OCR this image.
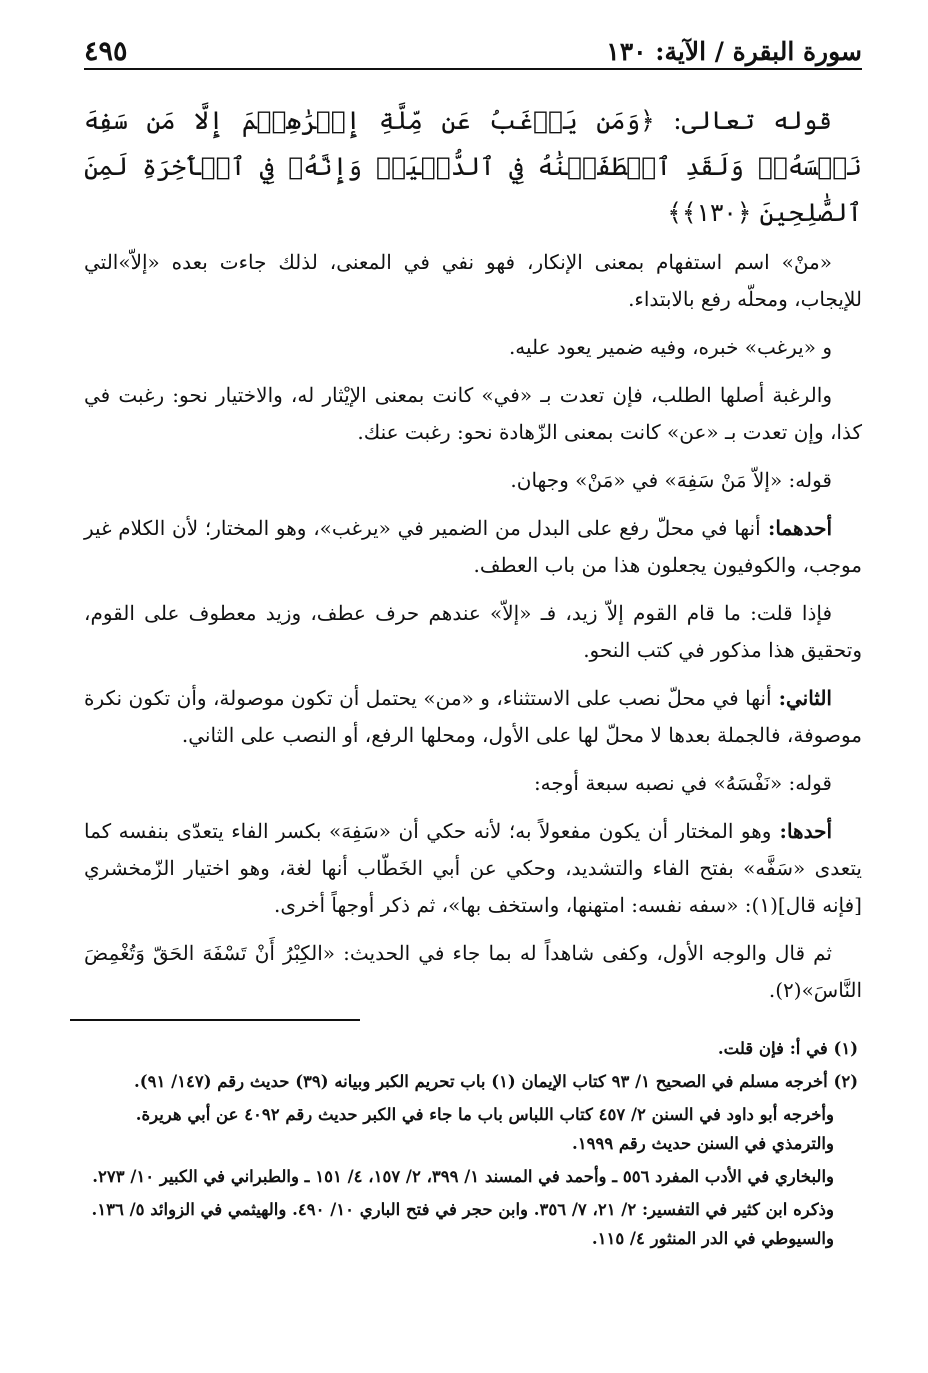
سورة البقرة / الآية: ١٣٠
٤٩٥

قوله تعالى: ﴿وَمَن يَرۡغَبُ عَن مِّلَّةِ إِبۡرَٰهِـۧمَ إِلَّا مَن سَفِهَ نَفۡسَهُۥۚ وَلَقَدِ ٱصۡطَفَيۡنَٰهُ فِي ٱلدُّنۡيَاۖ وَإِنَّهُۥ فِي ٱلۡأٓخِرَةِ لَمِنَ ٱلصَّٰلِحِينَ ﴿١٣٠﴾﴾

«منْ» اسم استفهام بمعنى الإنكار، فهو نفي في المعنى، لذلك جاءت بعده «إلاّ»التي للإيجاب، ومحلّه رفع بالابتداء.

و «يرغب» خبره، وفيه ضمير يعود عليه.

والرغبة أصلها الطلب، فإن تعدت بـ «في» كانت بمعنى الإيْثار له، والاختيار نحو: رغبت في كذا، وإن تعدت بـ «عن» كانت بمعنى الزّهادة نحو: رغبت عنك.

قوله: «إلاّ مَنْ سَفِهَ» في «مَنْ» وجهان.

أحدهما: أنها في محلّ رفع على البدل من الضمير في «يرغب»، وهو المختار؛ لأن الكلام غير موجب، والكوفيون يجعلون هذا من باب العطف.

فإذا قلت: ما قام القوم إلاّ زيد، فـ «إلاّ» عندهم حرف عطف، وزيد معطوف على القوم، وتحقيق هذا مذكور في كتب النحو.

الثاني: أنها في محلّ نصب على الاستثناء، و «من» يحتمل أن تكون موصولة، وأن تكون نكرة موصوفة، فالجملة بعدها لا محلّ لها على الأول، ومحلها الرفع، أو النصب على الثاني.

قوله: «نَفْسَهُ» في نصبه سبعة أوجه:

أحدها: وهو المختار أن يكون مفعولاً به؛ لأنه حكي أن «سَفِهَ» بكسر الفاء يتعدّى بنفسه كما يتعدى «سَفَّه» بفتح الفاء والتشديد، وحكي عن أبي الخَطّاب أنها لغة، وهو اختيار الزّمخشري [فإنه قال](١): «سفه نفسه: امتهنها، واستخف بها»، ثم ذكر أوجهاً أخرى.

ثم قال والوجه الأول، وكفى شاهداً له بما جاء في الحديث: «الكِبْرُ أَنْ تَسْفَهَ الحَقّ وَتُغْمِضَ النَّاسَ»(٢).

(١) في أ: فإن قلت.

(٢) أخرجه مسلم في الصحيح ١/ ٩٣ كتاب الإيمان (١) باب تحريم الكبر وبيانه (٣٩) حديث رقم (١٤٧/ ٩١).

وأخرجه أبو داود في السنن ٢/ ٤٥٧ كتاب اللباس باب ما جاء في الكبر حديث رقم ٤٠٩٢ عن أبي هريرة. والترمذي في السنن حديث رقم ١٩٩٩.

والبخاري في الأدب المفرد ٥٥٦ ـ وأحمد في المسند ١/ ٣٩٩، ٢/ ١٥٧، ٤/ ١٥١ ـ والطبراني في الكبير ١٠/ ٢٧٣.

وذكره ابن كثير في التفسير: ٢/ ٢١، ٧/ ٣٥٦. وابن حجر في فتح الباري ١٠/ ٤٩٠. والهيثمي في الزوائد ٥/ ١٣٦. والسيوطي في الدر المنثور ٤/ ١١٥.
